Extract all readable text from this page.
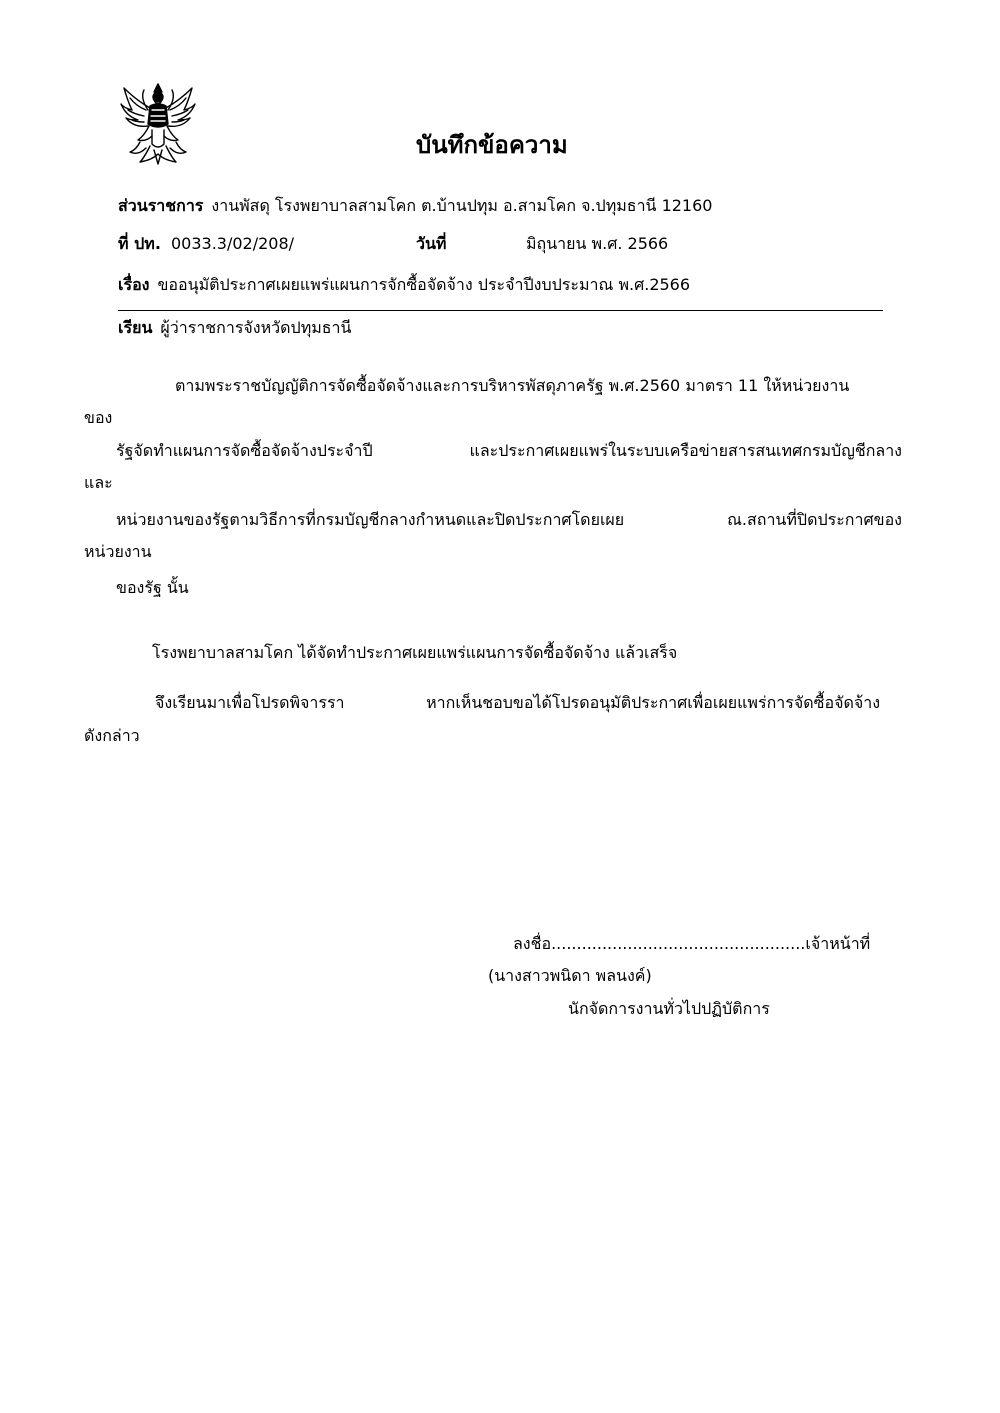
บันทึกข้อความ
ส่วนราชการ งานพัสดุ โรงพยาบาลสามโคก ต.บ้านปทุม อ.สามโคก จ.ปทุมธานี 12160
ที่ ปท. 0033.3/02/208/	วันที่	มิถุนายน พ.ศ. 2566
เรื่อง ขออนุมัติประกาศเผยแพร่แผนการจักซื้อจัดจ้าง ประจำปีงบประมาณ พ.ศ.2566
เรียน ผู้ว่าราชการจังหวัดปทุมธานี
ตามพระราชบัญญัติการจัดซื้อจัดจ้างและการบริหารพัสดุภาครัฐ พ.ศ.2560 มาตรา 11 ให้หน่วยงาน
ของ
รัฐจัดทำแผนการจัดซื้อจัดจ้างประจำปี	และประกาศเผยแพร่ในระบบเครือข่ายสารสนเทศกรมบัญชีกลาง
และ
หน่วยงานของรัฐตามวิธีการที่กรมบัญชีกลางกำหนดและปิดประกาศโดยเผย	ณ.สถานที่ปิดประกาศของ
หน่วยงาน
ของรัฐ นั้น
โรงพยาบาลสามโคก ได้จัดทำประกาศเผยแพร่แผนการจัดซื้อจัดจ้าง แล้วเสร็จ
จึงเรียนมาเพื่อโปรดพิจารรา	หากเห็นชอบขอได้โปรดอนุมัติประกาศเพื่อเผยแพร่การจัดซื้อจัดจ้าง
ดังกล่าว
ลงชื่อ..................................................เจ้าหน้าที่
(นางสาวพนิดา พลนงค์)
นักจัดการงานทั่วไปปฏิบัติการ
